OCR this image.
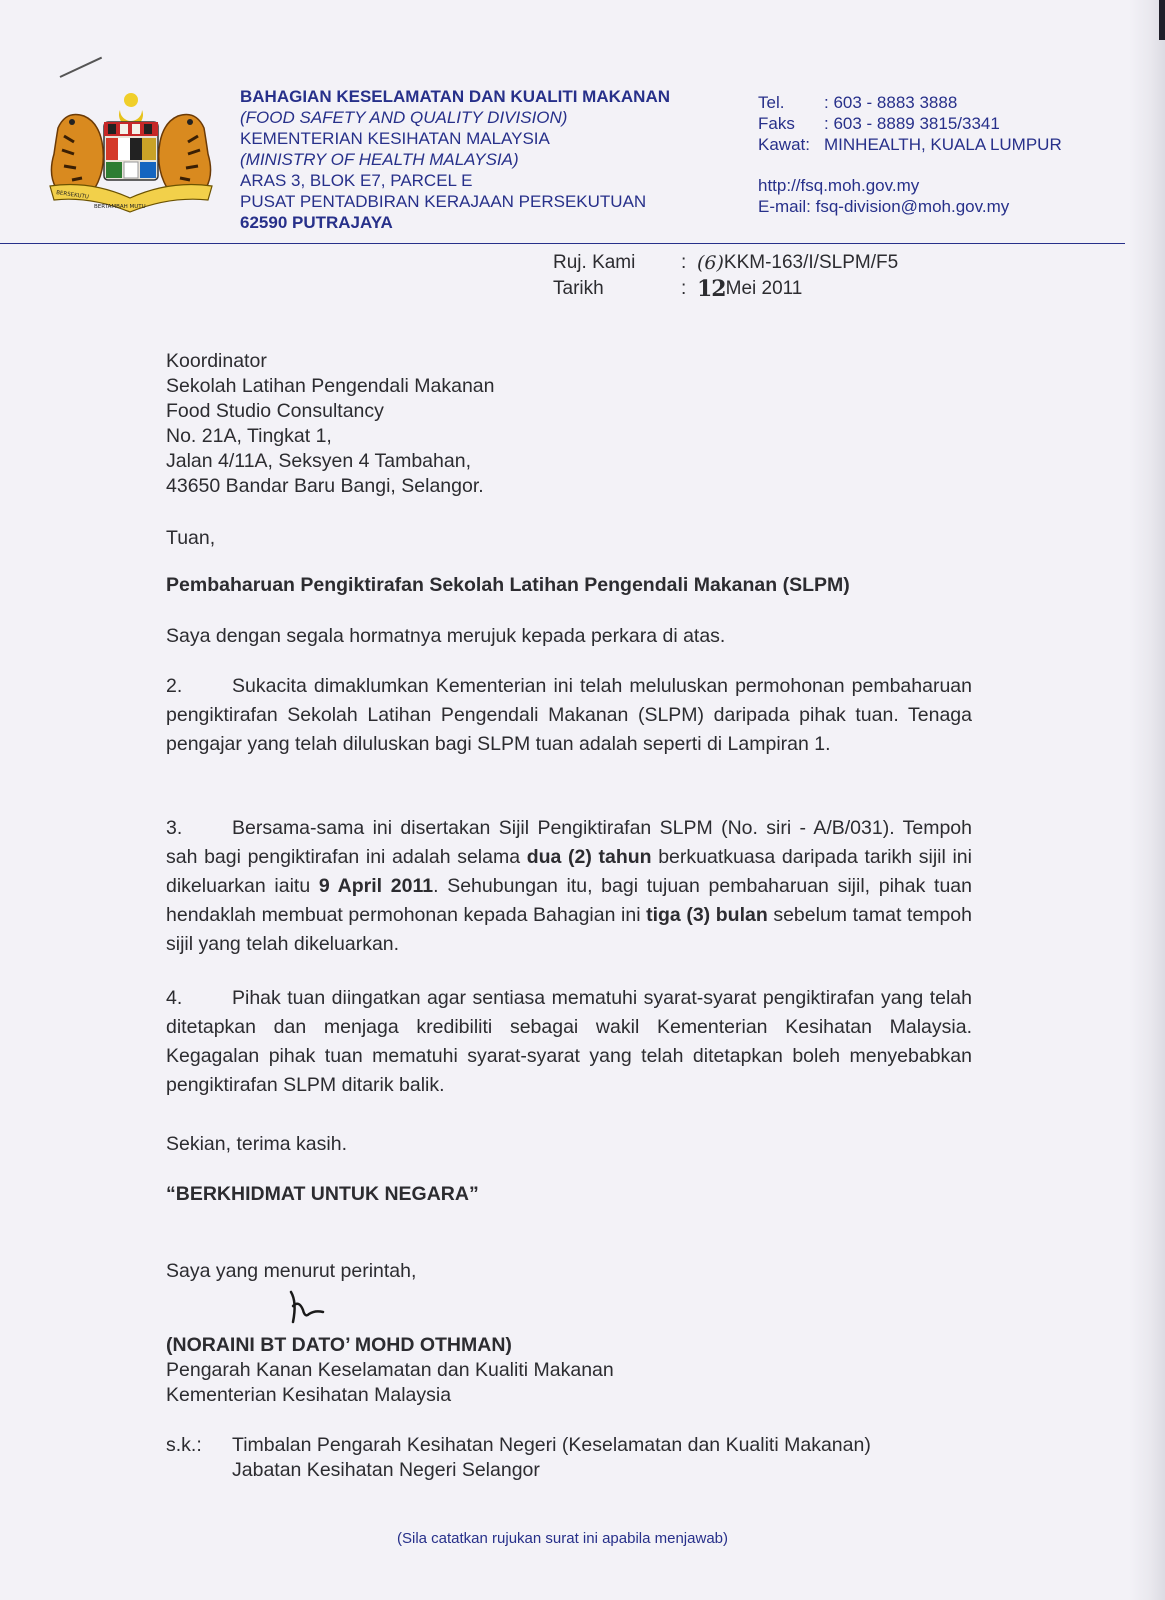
BERSEKUTU
BERTAMBAH MUTU
BAHAGIAN KESELAMATAN DAN KUALITI MAKANAN
(FOOD SAFETY AND QUALITY DIVISION)
KEMENTERIAN KESIHATAN MALAYSIA
(MINISTRY OF HEALTH MALAYSIA)
ARAS 3, BLOK E7, PARCEL E
PUSAT PENTADBIRAN KERAJAAN PERSEKUTUAN
62590 PUTRAJAYA
Tel.	: 603 - 8883 3888
Faks	: 603 - 8889 3815/3341
Kawat: MINHEALTH, KUALA LUMPUR
http://fsq.moh.gov.my
E-mail: fsq-division@moh.gov.my
Ruj. Kami	: (6) KKM-163/I/SLPM/F5
Tarikh	: 12 Mei 2011
Koordinator
Sekolah Latihan Pengendali Makanan
Food Studio Consultancy
No. 21A, Tingkat 1,
Jalan 4/11A, Seksyen 4 Tambahan,
43650 Bandar Baru Bangi, Selangor.
Tuan,
Pembaharuan Pengiktirafan Sekolah Latihan Pengendali Makanan (SLPM)
Saya dengan segala hormatnya merujuk kepada perkara di atas.
2.	Sukacita dimaklumkan Kementerian ini telah meluluskan permohonan pembaharuan pengiktirafan Sekolah Latihan Pengendali Makanan (SLPM) daripada pihak tuan. Tenaga pengajar yang telah diluluskan bagi SLPM tuan adalah seperti di Lampiran 1.
3.	Bersama-sama ini disertakan Sijil Pengiktirafan SLPM (No. siri - A/B/031). Tempoh sah bagi pengiktirafan ini adalah selama dua (2) tahun berkuatkuasa daripada tarikh sijil ini dikeluarkan iaitu 9 April 2011. Sehubungan itu, bagi tujuan pembaharuan sijil, pihak tuan hendaklah membuat permohonan kepada Bahagian ini tiga (3) bulan sebelum tamat tempoh sijil yang telah dikeluarkan.
4.	Pihak tuan diingatkan agar sentiasa mematuhi syarat-syarat pengiktirafan yang telah ditetapkan dan menjaga kredibiliti sebagai wakil Kementerian Kesihatan Malaysia. Kegagalan pihak tuan mematuhi syarat-syarat yang telah ditetapkan boleh menyebabkan pengiktirafan SLPM ditarik balik.
Sekian, terima kasih.
“BERKHIDMAT UNTUK NEGARA”
Saya yang menurut perintah,
(NORAINI BT DATO’ MOHD OTHMAN)
Pengarah Kanan Keselamatan dan Kualiti Makanan
Kementerian Kesihatan Malaysia
s.k.:	Timbalan Pengarah Kesihatan Negeri (Keselamatan dan Kualiti Makanan)
Jabatan Kesihatan Negeri Selangor
(Sila catatkan rujukan surat ini apabila menjawab)
